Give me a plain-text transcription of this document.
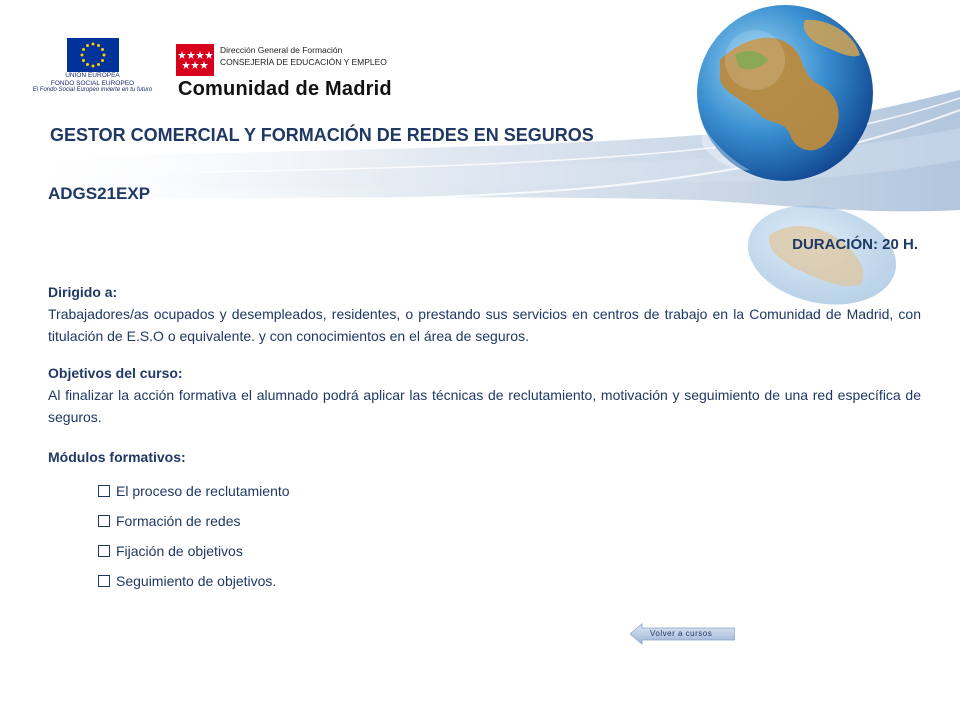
UNIÓN EUROPEA
FONDO SOCIAL EUROPEO
El Fondo Social Europeo invierte en tu futuro
Dirección General de Formación
CONSEJERÍA DE EDUCACIÓN Y EMPLEO
Comunidad de Madrid
GESTOR COMERCIAL Y FORMACIÓN DE REDES EN SEGUROS
ADGS21EXP
DURACIÓN: 20 H.
Dirigido a:
Trabajadores/as ocupados y desempleados, residentes, o prestando sus servicios en centros de trabajo en la Comunidad de Madrid, con titulación de E.S.O o equivalente. y con conocimientos en el área de seguros.
Objetivos del curso:
Al finalizar la acción formativa el alumnado podrá aplicar las técnicas de reclutamiento, motivación y seguimiento de una red específica de seguros.
Módulos formativos:
El proceso de reclutamiento
Formación de redes
Fijación de objetivos
Seguimiento de objetivos.
Volver a cursos
